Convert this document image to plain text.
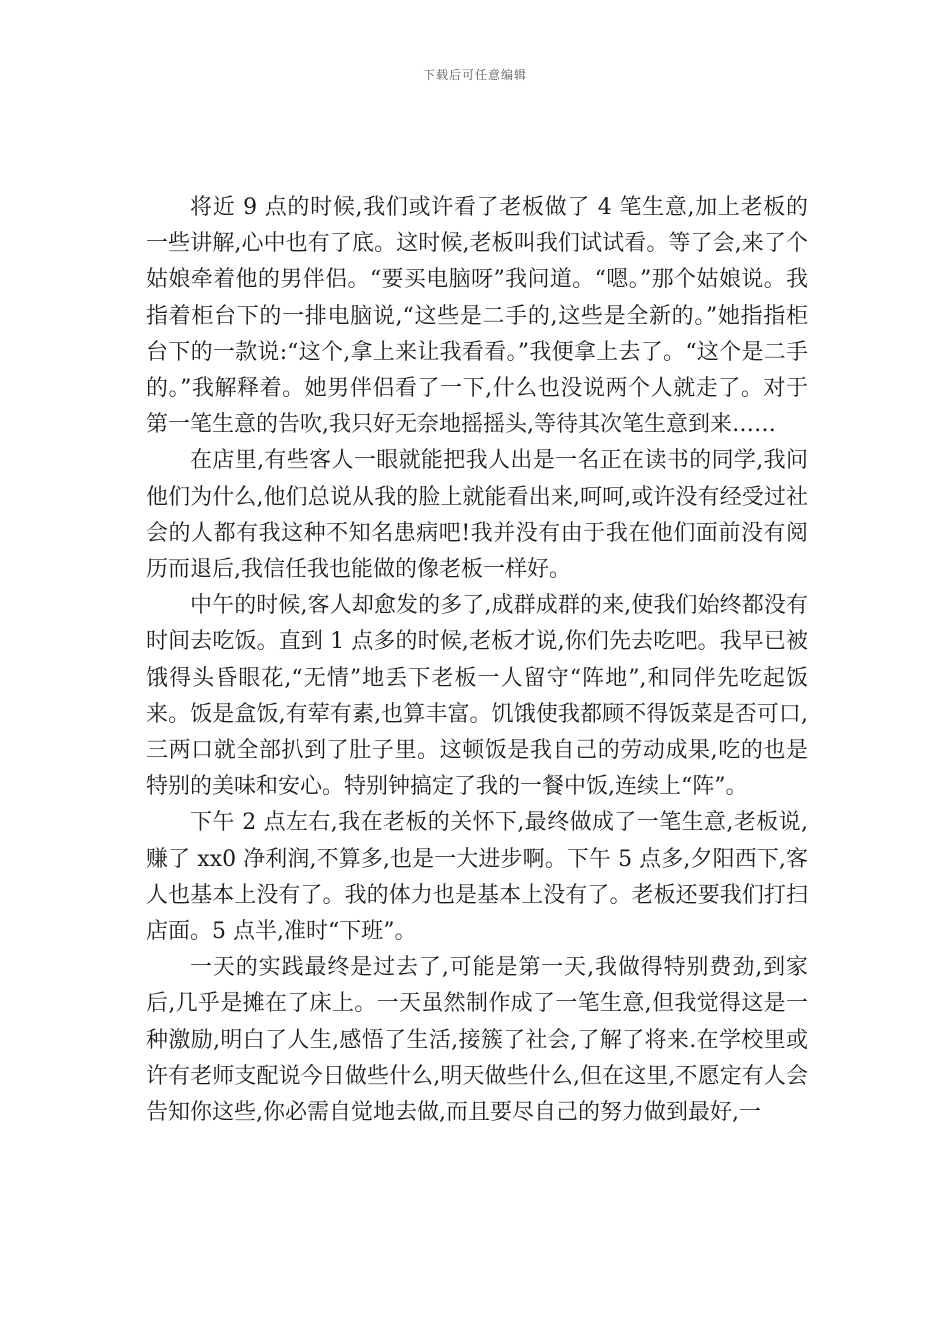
下载后可任意编辑

将近 9 点的时候,我们或许看了老板做了 4 笔生意,加上老板的一些讲解,心中也有了底。这时候,老板叫我们试试看。等了会,来了个姑娘牵着他的男伴侣。“要买电脑呀”我问道。“嗯。”那个姑娘说。我指着柜台下的一排电脑说,“这些是二手的,这些是全新的。”她指指柜台下的一款说:“这个,拿上来让我看看。”我便拿上去了。“这个是二手的。”我解释着。她男伴侣看了一下,什么也没说两个人就走了。对于第一笔生意的告吹,我只好无奈地摇摇头,等待其次笔生意到来……

在店里,有些客人一眼就能把我人出是一名正在读书的同学,我问他们为什么,他们总说从我的脸上就能看出来,呵呵,或许没有经受过社会的人都有我这种不知名患病吧!我并没有由于我在他们面前没有阅历而退后,我信任我也能做的像老板一样好。

中午的时候,客人却愈发的多了,成群成群的来,使我们始终都没有时间去吃饭。直到 1 点多的时候,老板才说,你们先去吃吧。我早已被饿得头昏眼花,“无情”地丢下老板一人留守“阵地”,和同伴先吃起饭来。饭是盒饭,有荤有素,也算丰富。饥饿使我都顾不得饭菜是否可口,三两口就全部扒到了肚子里。这顿饭是我自己的劳动成果,吃的也是特别的美味和安心。特别钟搞定了我的一餐中饭,连续上“阵”。

下午 2 点左右,我在老板的关怀下,最终做成了一笔生意,老板说,赚了 xx0 净利润,不算多,也是一大进步啊。下午 5 点多,夕阳西下,客人也基本上没有了。我的体力也是基本上没有了。老板还要我们打扫店面。5 点半,准时“下班”。

一天的实践最终是过去了,可能是第一天,我做得特别费劲,到家后,几乎是摊在了床上。一天虽然制作成了一笔生意,但我觉得这是一种激励,明白了人生,感悟了生活,接簇了社会,了解了将来.在学校里或许有老师支配说今日做些什么,明天做些什么,但在这里,不愿定有人会告知你这些,你必需自觉地去做,而且要尽自己的努力做到最好,一
